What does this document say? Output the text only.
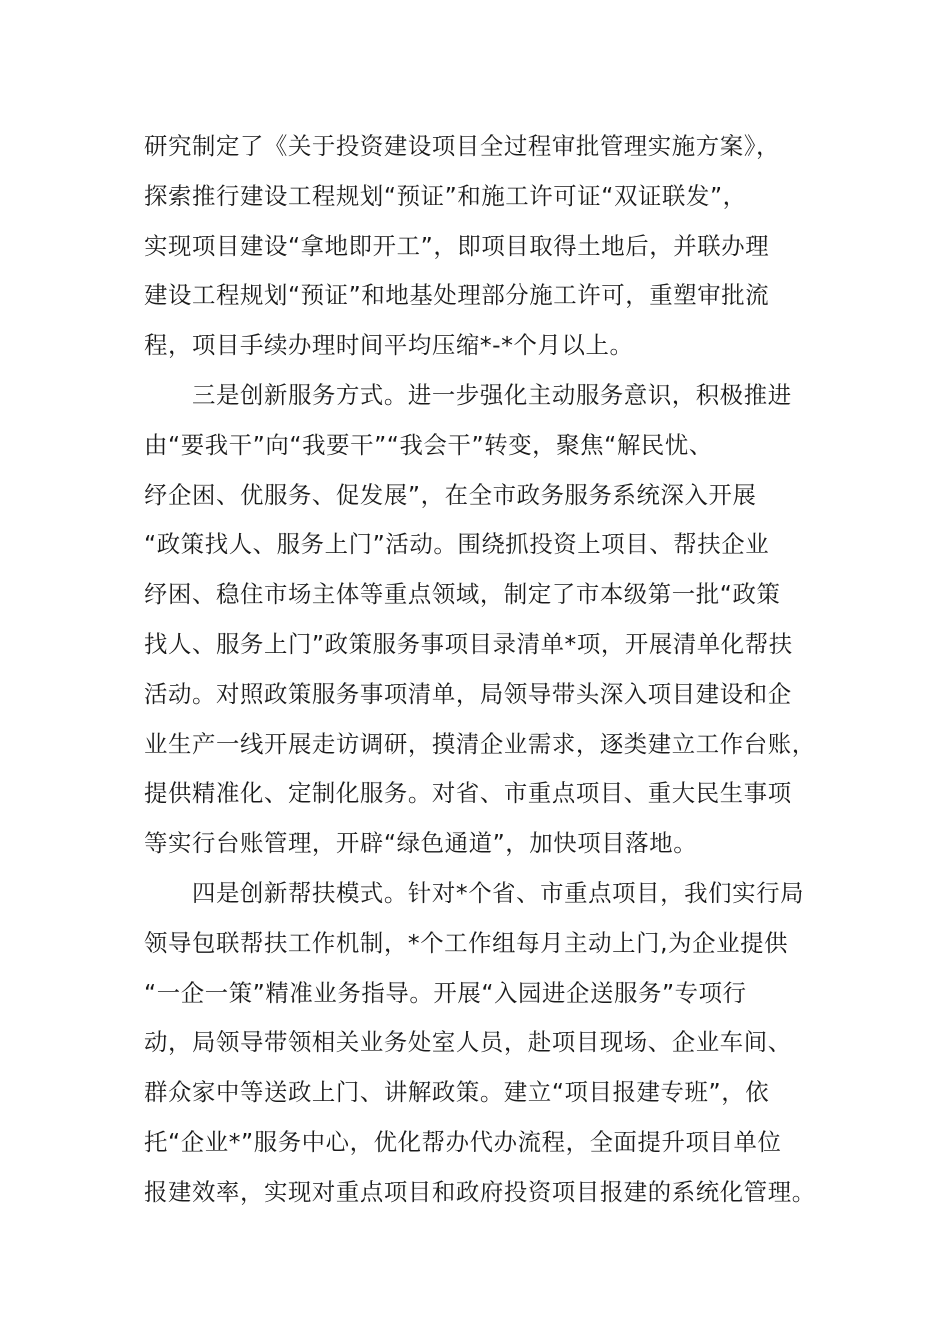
研究制定了《关于投资建设项目全过程审批管理实施方案》，
探索推行建设工程规划“预证”和施工许可证“双证联发”，
实现项目建设“拿地即开工”，即项目取得土地后，并联办理
建设工程规划“预证”和地基处理部分施工许可，重塑审批流
程，项目手续办理时间平均压缩*-*个月以上。
三是创新服务方式。进一步强化主动服务意识，积极推进
由“要我干”向“我要干”“我会干”转变，聚焦“解民忧、
纾企困、优服务、促发展”，在全市政务服务系统深入开展
“政策找人、服务上门”活动。围绕抓投资上项目、帮扶企业
纾困、稳住市场主体等重点领域，制定了市本级第一批“政策
找人、服务上门”政策服务事项目录清单*项，开展清单化帮扶
活动。对照政策服务事项清单，局领导带头深入项目建设和企
业生产一线开展走访调研，摸清企业需求，逐类建立工作台账，
提供精准化、定制化服务。对省、市重点项目、重大民生事项
等实行台账管理，开辟“绿色通道”，加快项目落地。
四是创新帮扶模式。针对*个省、市重点项目，我们实行局
领导包联帮扶工作机制，*个工作组每月主动上门,为企业提供
“一企一策”精准业务指导。开展“入园进企送服务”专项行
动，局领导带领相关业务处室人员，赴项目现场、企业车间、
群众家中等送政上门、讲解政策。建立“项目报建专班”，依
托“企业*”服务中心，优化帮办代办流程，全面提升项目单位
报建效率，实现对重点项目和政府投资项目报建的系统化管理。
